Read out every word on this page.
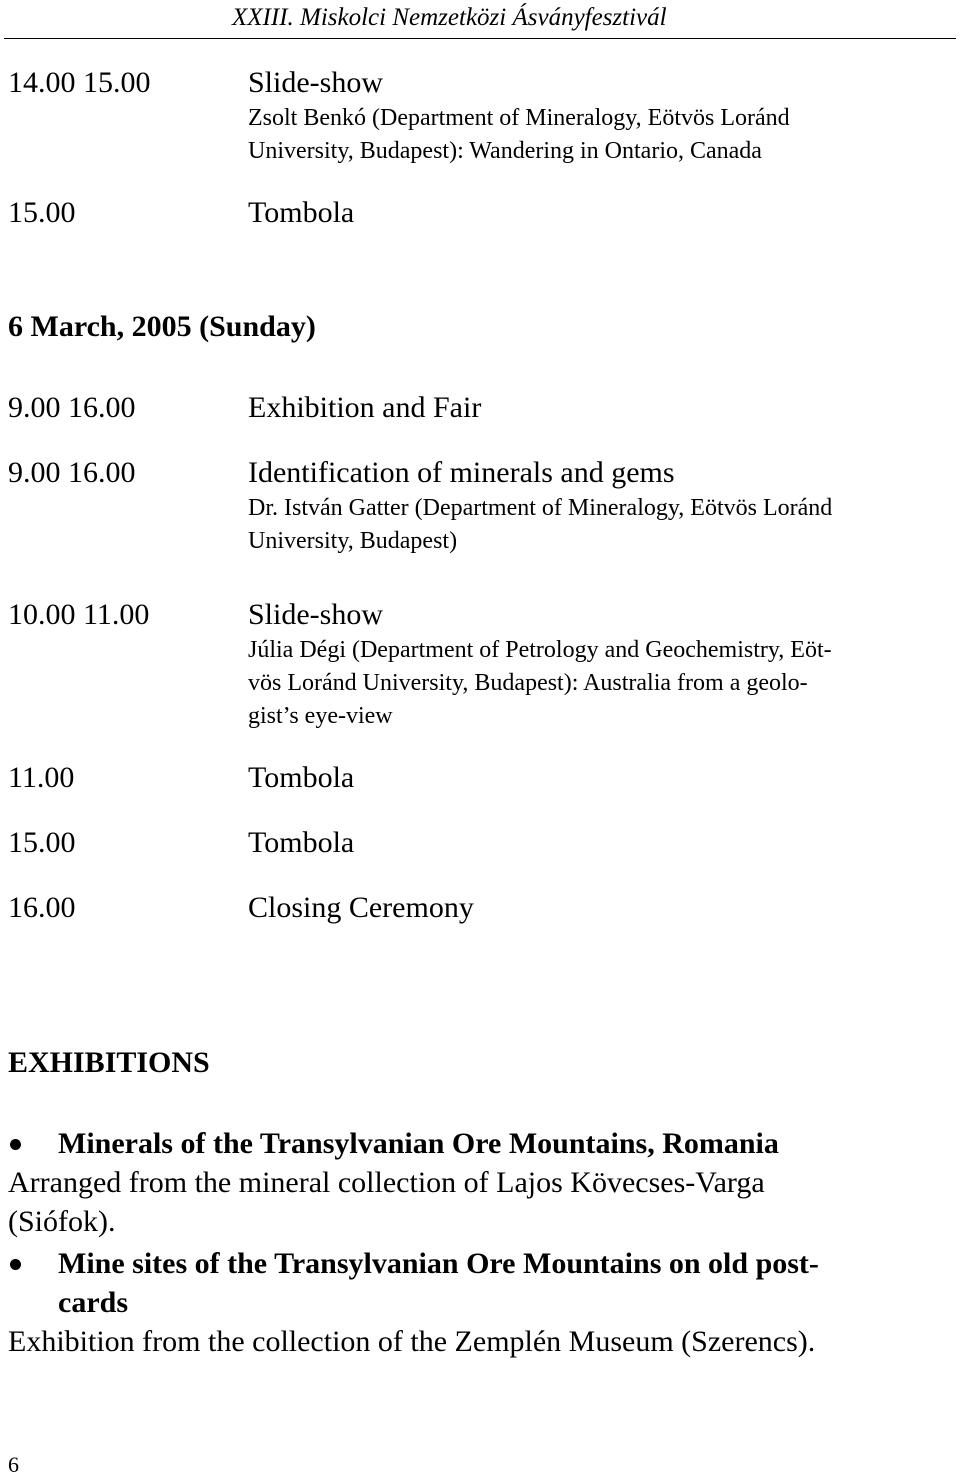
XXIII. Miskolci Nemzetközi Ásványfesztivál
14.00 15.00	Slide-show
Zsolt Benkó (Department of Mineralogy, Eötvös Loránd
University, Budapest): Wandering in Ontario, Canada
15.00	Tombola
6 March, 2005 (Sunday)
9.00 16.00	Exhibition and Fair
9.00 16.00	Identification of minerals and gems
Dr. István Gatter (Department of Mineralogy, Eötvös Loránd
University, Budapest)
10.00 11.00	Slide-show
Júlia Dégi (Department of Petrology and Geochemistry, Eöt-
vös Loránd University, Budapest): Australia from a geolo-
gist’s eye-view
11.00	Tombola
15.00	Tombola
16.00	Closing Ceremony
EXHIBITIONS
Minerals of the Transylvanian Ore Mountains, Romania
Arranged from the mineral collection of Lajos Kövecses-Varga
(Siófok).
Mine sites of the Transylvanian Ore Mountains on old post-
cards
Exhibition from the collection of the Zemplén Museum (Szerencs).
6
